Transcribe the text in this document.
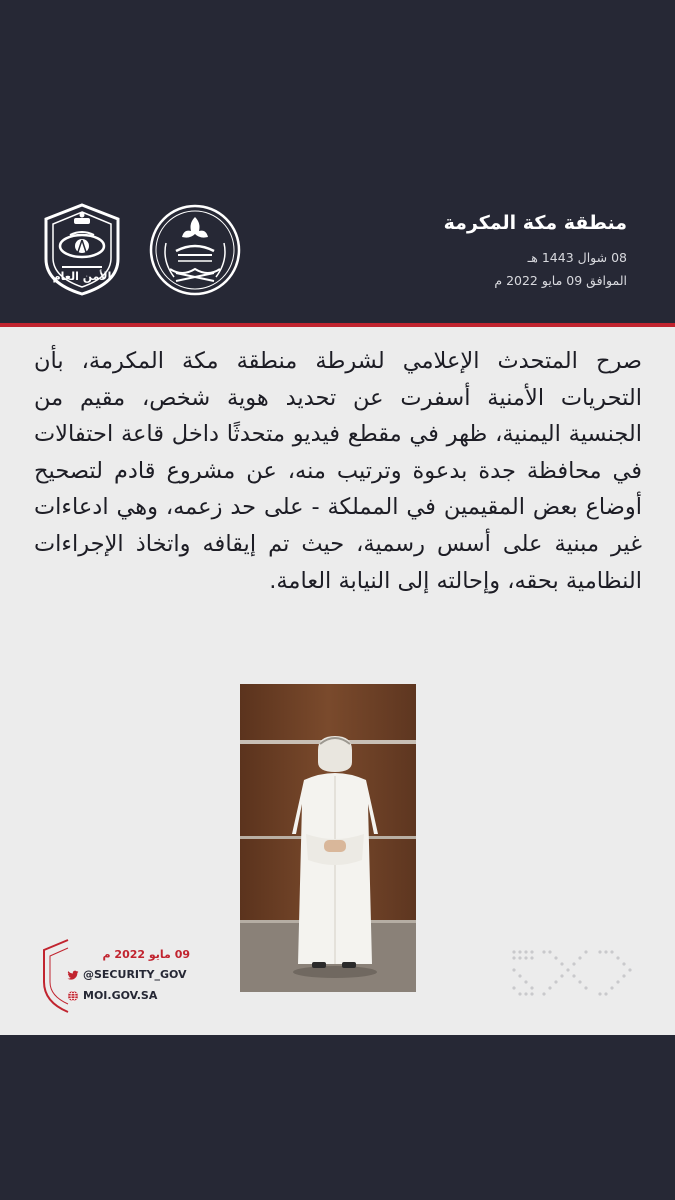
الأمن العام
منطقة مكة المكرمة
08 شوال 1443 هـ
الموافق 09 مايو 2022 م

صرح المتحدث الإعلامي لشرطة منطقة مكة المكرمة، بأن التحريات الأمنية أسفرت عن تحديد هوية شخص، مقيم من الجنسية اليمنية، ظهر في مقطع فيديو متحدثًا داخل قاعة احتفالات في محافظة جدة بدعوة وترتيب منه، عن مشروع قادم لتصحيح أوضاع بعض المقيمين في المملكة - على حد زعمه، وهي ادعاءات غير مبنية على أسس رسمية، حيث تم إيقافه واتخاذ الإجراءات النظامية بحقه، وإحالته إلى النيابة العامة.

09 مايو 2022 م
@SECURITY_GOV
MOI.GOV.SA
